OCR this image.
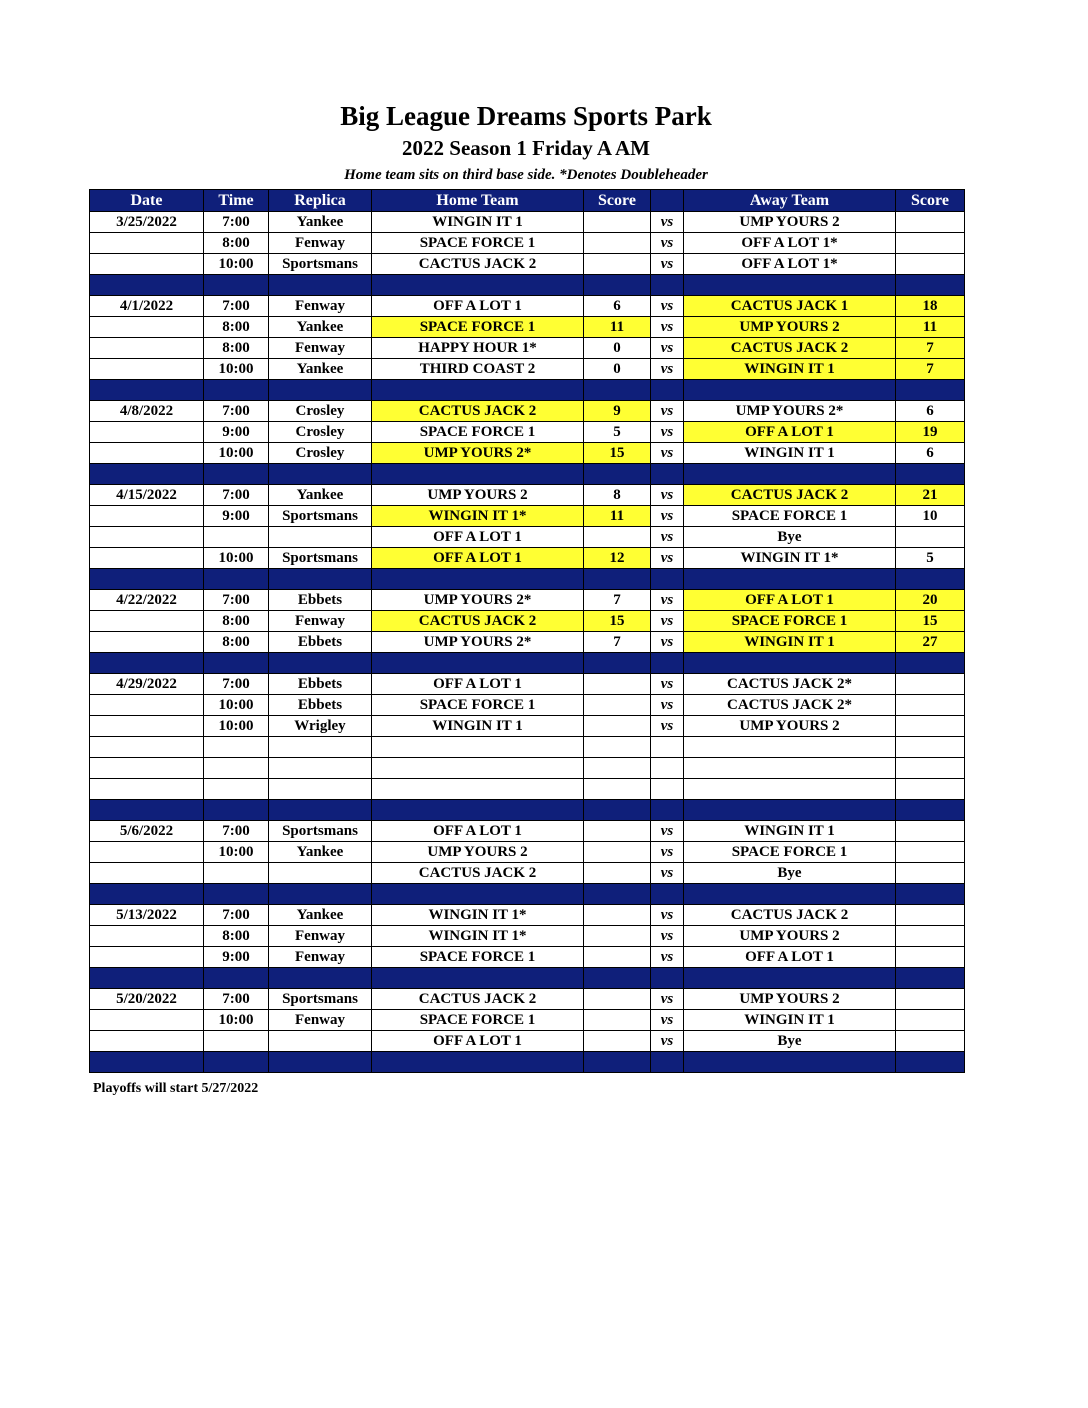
Big League Dreams Sports Park
2022 Season 1 Friday A AM
Home team sits on third base side. *Denotes Doubleheader
Date	Time	Replica	Home Team	Score		Away Team	Score
3/25/2022	7:00	Yankee	WINGIN IT 1		vs	UMP YOURS 2	
	8:00	Fenway	SPACE FORCE 1		vs	OFF A LOT 1*	
	10:00	Sportsmans	CACTUS JACK 2		vs	OFF A LOT 1*	

4/1/2022	7:00	Fenway	OFF A LOT 1	6	vs	CACTUS JACK 1	18
	8:00	Yankee	SPACE FORCE 1	11	vs	UMP YOURS 2	11
	8:00	Fenway	HAPPY HOUR 1*	0	vs	CACTUS JACK 2	7
	10:00	Yankee	THIRD COAST 2	0	vs	WINGIN IT 1	7

4/8/2022	7:00	Crosley	CACTUS JACK 2	9	vs	UMP YOURS 2*	6
	9:00	Crosley	SPACE FORCE 1	5	vs	OFF A LOT 1	19
	10:00	Crosley	UMP YOURS 2*	15	vs	WINGIN IT 1	6

4/15/2022	7:00	Yankee	UMP YOURS 2	8	vs	CACTUS JACK 2	21
	9:00	Sportsmans	WINGIN IT 1*	11	vs	SPACE FORCE 1	10
			OFF A LOT 1		vs	Bye	
	10:00	Sportsmans	OFF A LOT 1	12	vs	WINGIN IT 1*	5

4/22/2022	7:00	Ebbets	UMP YOURS 2*	7	vs	OFF A LOT 1	20
	8:00	Fenway	CACTUS JACK 2	15	vs	SPACE FORCE 1	15
	8:00	Ebbets	UMP YOURS 2*	7	vs	WINGIN IT 1	27

4/29/2022	7:00	Ebbets	OFF A LOT 1		vs	CACTUS JACK 2*	
	10:00	Ebbets	SPACE FORCE 1		vs	CACTUS JACK 2*	
	10:00	Wrigley	WINGIN IT 1		vs	UMP YOURS 2	

5/6/2022	7:00	Sportsmans	OFF A LOT 1		vs	WINGIN IT 1	
	10:00	Yankee	UMP YOURS 2		vs	SPACE FORCE 1	
			CACTUS JACK 2		vs	Bye	

5/13/2022	7:00	Yankee	WINGIN IT 1*		vs	CACTUS JACK 2	
	8:00	Fenway	WINGIN IT 1*		vs	UMP YOURS 2	
	9:00	Fenway	SPACE FORCE 1		vs	OFF A LOT 1	

5/20/2022	7:00	Sportsmans	CACTUS JACK 2		vs	UMP YOURS 2	
	10:00	Fenway	SPACE FORCE 1		vs	WINGIN IT 1	
			OFF A LOT 1		vs	Bye	

Playoffs will start 5/27/2022
